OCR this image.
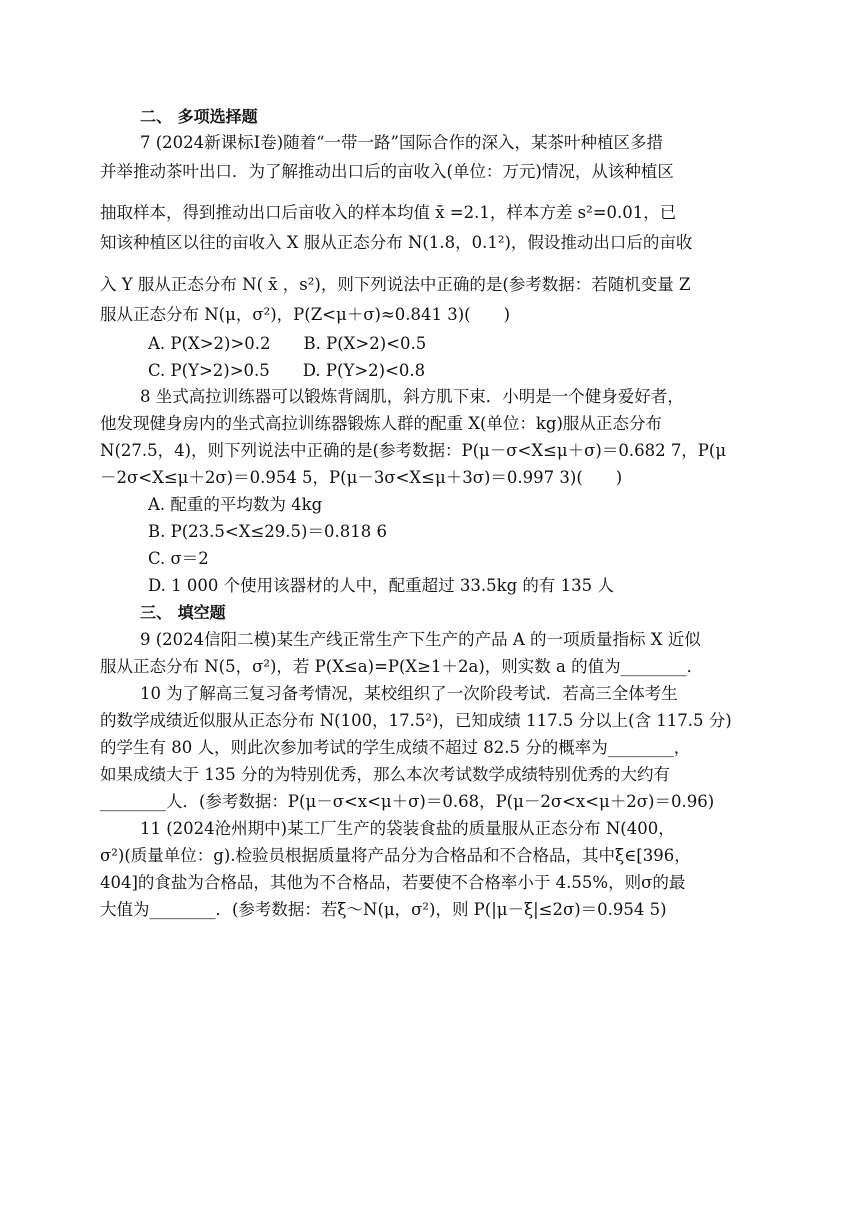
二、 多项选择题
7 (2024新课标Ⅰ卷)随着“一带一路”国际合作的深入，某茶叶种植区多措
并举推动茶叶出口．为了解推动出口后的亩收入(单位：万元)情况，从该种植区
抽取样本，得到推动出口后亩收入的样本均值 x̄ =2.1，样本方差 s²=0.01，已
知该种植区以往的亩收入 X 服从正态分布 N(1.8，0.1²)，假设推动出口后的亩收
入 Y 服从正态分布 N( x̄ ，s²)，则下列说法中正确的是(参考数据：若随机变量 Z
服从正态分布 N(μ，σ²)，P(Z<μ＋σ)≈0.841 3)(　　)
A. P(X>2)>0.2　　B. P(X>2)<0.5
C. P(Y>2)>0.5　　D. P(Y>2)<0.8
8 坐式高拉训练器可以锻炼背阔肌，斜方肌下束．小明是一个健身爱好者，
他发现健身房内的坐式高拉训练器锻炼人群的配重 X(单位：kg)服从正态分布
N(27.5，4)，则下列说法中正确的是(参考数据：P(μ－σ<X≤μ＋σ)＝0.682 7，P(μ
－2σ<X≤μ＋2σ)＝0.954 5，P(μ－3σ<X≤μ＋3σ)＝0.997 3)(　　)
A. 配重的平均数为 4kg
B. P(23.5<X≤29.5)＝0.818 6
C. σ＝2
D. 1 000 个使用该器材的人中，配重超过 33.5kg 的有 135 人
三、 填空题
9 (2024信阳二模)某生产线正常生产下生产的产品 A 的一项质量指标 X 近似
服从正态分布 N(5，σ²)，若 P(X≤a)=P(X≥1＋2a)，则实数 a 的值为________．
10 为了解高三复习备考情况，某校组织了一次阶段考试．若高三全体考生
的数学成绩近似服从正态分布 N(100，17.5²)，已知成绩 117.5 分以上(含 117.5 分)
的学生有 80 人，则此次参加考试的学生成绩不超过 82.5 分的概率为________，
如果成绩大于 135 分的为特别优秀，那么本次考试数学成绩特别优秀的大约有
________人．(参考数据：P(μ－σ<x<μ＋σ)＝0.68，P(μ－2σ<x<μ＋2σ)＝0.96)
11 (2024沧州期中)某工厂生产的袋装食盐的质量服从正态分布 N(400，
σ²)(质量单位：g).检验员根据质量将产品分为合格品和不合格品，其中ξ∈[396，
404]的食盐为合格品，其他为不合格品，若要使不合格率小于 4.55%，则σ的最
大值为________．(参考数据：若ξ～N(μ，σ²)，则 P(|μ－ξ|≤2σ)＝0.954 5)
